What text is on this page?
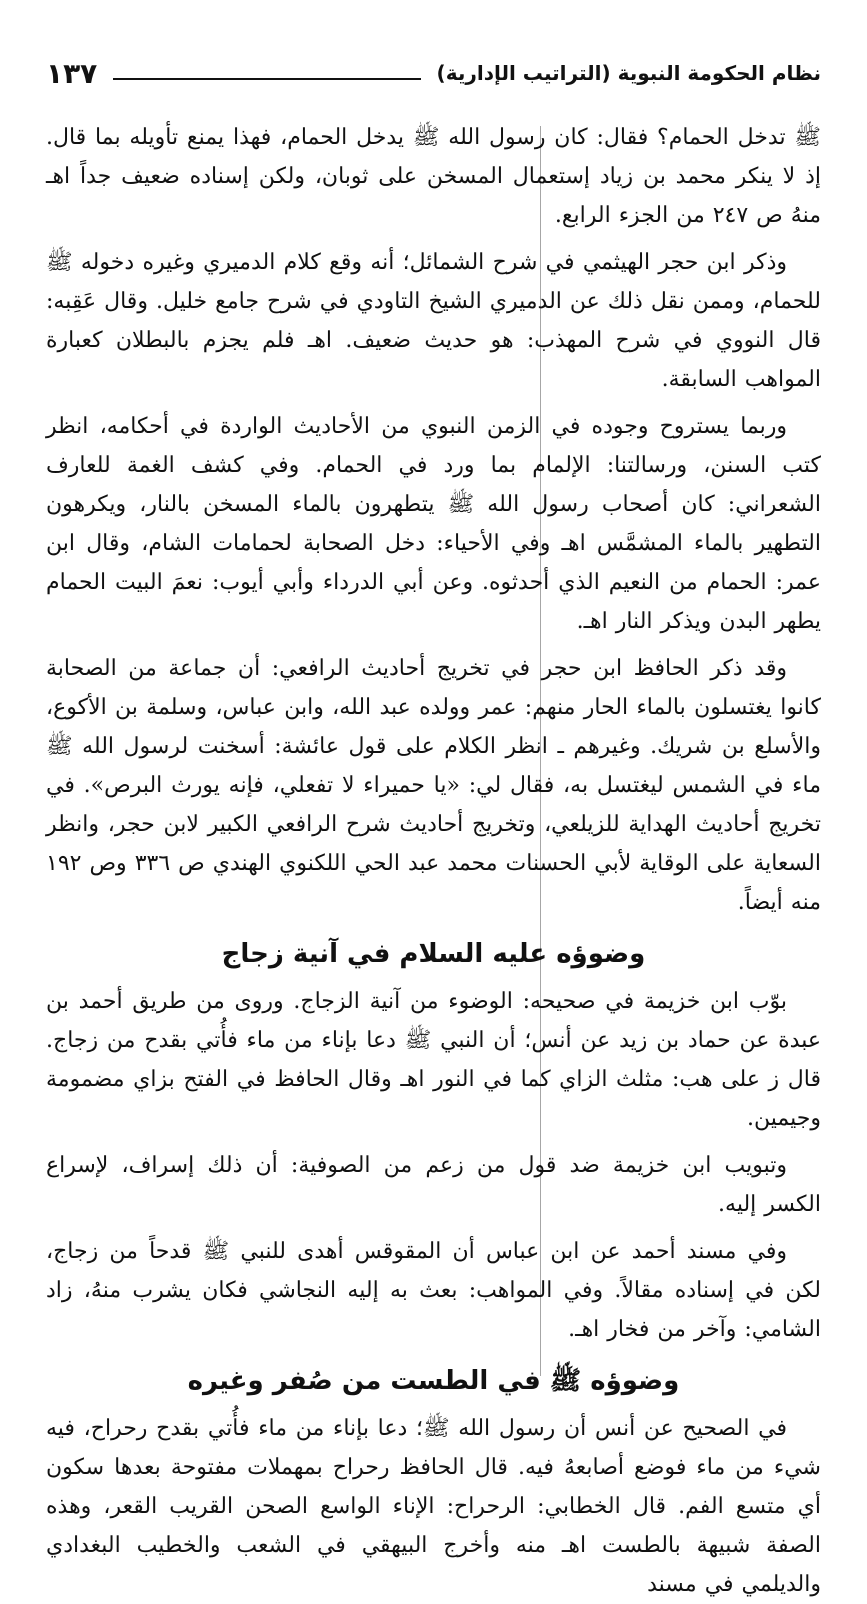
نظام الحكومة النبوية (التراتيب الإدارية)
١٣٧

ﷺ تدخل الحمام؟ فقال: كان رسول الله ﷺ يدخل الحمام، فهذا يمنع تأويله بما قال. إذ لا ينكر محمد بن زياد إستعمال المسخن على ثوبان، ولكن إسناده ضعيف جداً اهـ منهُ ص ٢٤٧ من الجزء الرابع.

وذكر ابن حجر الهيثمي في شرح الشمائل؛ أنه وقع كلام الدميري وغيره دخوله ﷺ للحمام، وممن نقل ذلك عن الدميري الشيخ التاودي في شرح جامع خليل. وقال عَقِبه: قال النووي في شرح المهذب: هو حديث ضعيف. اهـ فلم يجزم بالبطلان كعبارة المواهب السابقة.

وربما يستروح وجوده في الزمن النبوي من الأحاديث الواردة في أحكامه، انظر كتب السنن، ورسالتنا: الإلمام بما ورد في الحمام. وفي كشف الغمة للعارف الشعراني: كان أصحاب رسول الله ﷺ يتطهرون بالماء المسخن بالنار، ويكرهون التطهير بالماء المشمَّس اهـ وفي الأحياء: دخل الصحابة لحمامات الشام، وقال ابن عمر: الحمام من النعيم الذي أحدثوه. وعن أبي الدرداء وأبي أيوب: نعمَ البيت الحمام يطهر البدن ويذكر النار اهـ.

وقد ذكر الحافظ ابن حجر في تخريج أحاديث الرافعي: أن جماعة من الصحابة كانوا يغتسلون بالماء الحار منهم: عمر وولده عبد الله، وابن عباس، وسلمة بن الأكوع، والأسلع بن شريك. وغيرهم ـ انظر الكلام على قول عائشة: أسخنت لرسول الله ﷺ ماء في الشمس ليغتسل به، فقال لي: «يا حميراء لا تفعلي، فإنه يورث البرص». في تخريج أحاديث الهداية للزيلعي، وتخريج أحاديث شرح الرافعي الكبير لابن حجر، وانظر السعاية على الوقاية لأبي الحسنات محمد عبد الحي اللكنوي الهندي ص ٣٣٦ وص ١٩٢ منه أيضاً.

وضوؤه عليه السلام في آنية زجاج

بوّب ابن خزيمة في صحيحه: الوضوء من آنية الزجاج. وروى من طريق أحمد بن عبدة عن حماد بن زيد عن أنس؛ أن النبي ﷺ دعا بإناء من ماء فأُتي بقدح من زجاج. قال ز على هب: مثلث الزاي كما في النور اهـ وقال الحافظ في الفتح بزاي مضمومة وجيمين.

وتبويب ابن خزيمة ضد قول من زعم من الصوفية: أن ذلك إسراف، لإسراع الكسر إليه.

وفي مسند أحمد عن ابن عباس أن المقوقس أهدى للنبي ﷺ قدحاً من زجاج، لكن في إسناده مقالاً. وفي المواهب: بعث به إليه النجاشي فكان يشرب منهُ، زاد الشامي: وآخر من فخار اهـ.

وضوؤه ﷺ في الطست من صُفر وغيره

في الصحيح عن أنس أن رسول الله ﷺ؛ دعا بإناء من ماء فأُتي بقدح رحراح، فيه شيء من ماء فوضع أصابعهُ فيه. قال الحافظ رحراح بمهملات مفتوحة بعدها سكون أي متسع الفم. قال الخطابي: الرحراح: الإناء الواسع الصحن القريب القعر، وهذه الصفة شبيهة بالطست اهـ منه وأخرج البيهقي في الشعب والخطيب البغدادي والديلمي في مسند
